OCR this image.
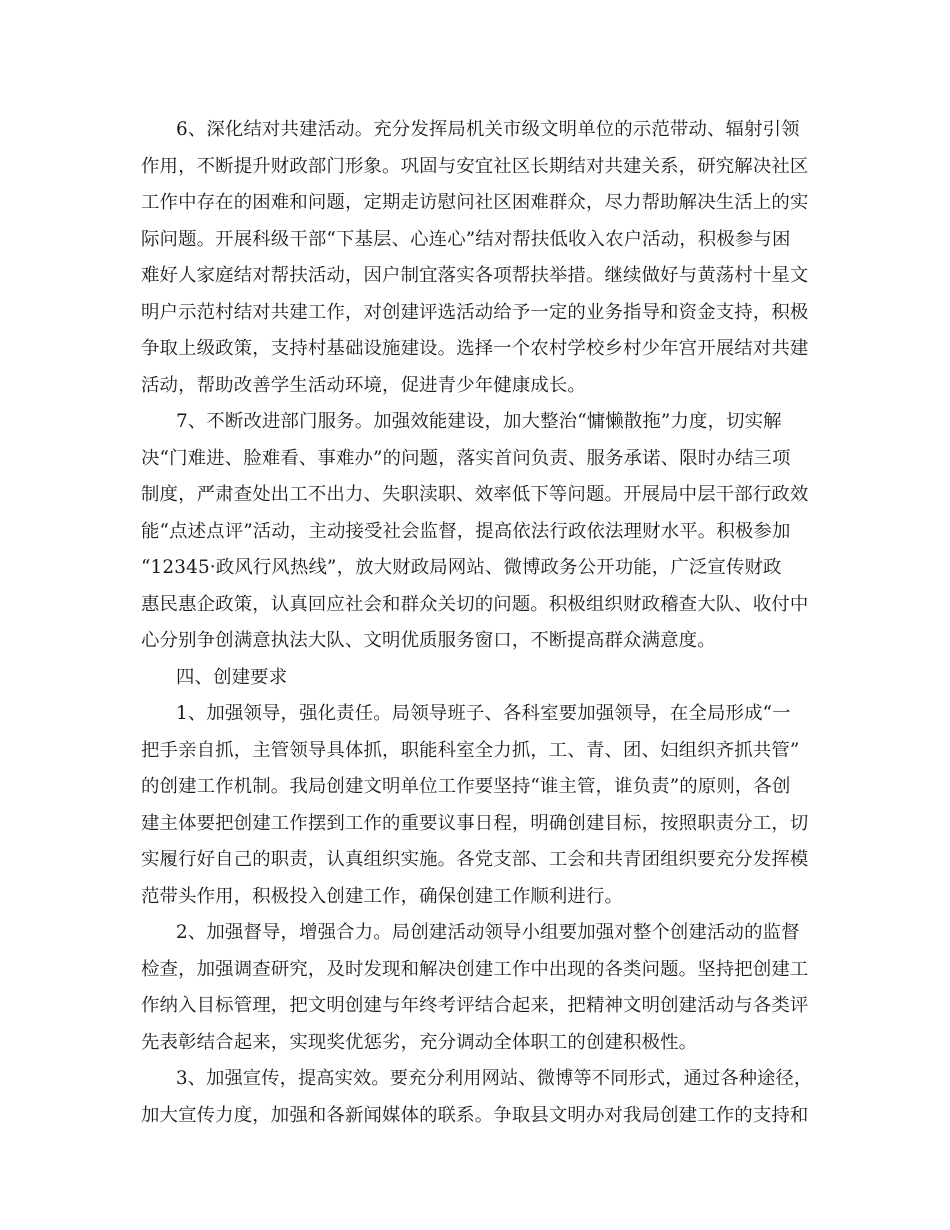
6、深化结对共建活动。充分发挥局机关市级文明单位的示范带动、辐射引领
作用，不断提升财政部门形象。巩固与安宜社区长期结对共建关系，研究解决社区
工作中存在的困难和问题，定期走访慰问社区困难群众，尽力帮助解决生活上的实
际问题。开展科级干部“下基层、心连心”结对帮扶低收入农户活动，积极参与困
难好人家庭结对帮扶活动，因户制宜落实各项帮扶举措。继续做好与黄荡村十星文
明户示范村结对共建工作，对创建评选活动给予一定的业务指导和资金支持，积极
争取上级政策，支持村基础设施建设。选择一个农村学校乡村少年宫开展结对共建
活动，帮助改善学生活动环境，促进青少年健康成长。
7、不断改进部门服务。加强效能建设，加大整治“慵懒散拖”力度，切实解
决“门难进、脸难看、事难办”的问题，落实首问负责、服务承诺、限时办结三项
制度，严肃查处出工不出力、失职渎职、效率低下等问题。开展局中层干部行政效
能“点述点评”活动，主动接受社会监督，提高依法行政依法理财水平。积极参加
“12345·政风行风热线”，放大财政局网站、微博政务公开功能，广泛宣传财政
惠民惠企政策，认真回应社会和群众关切的问题。积极组织财政稽查大队、收付中
心分别争创满意执法大队、文明优质服务窗口，不断提高群众满意度。
四、创建要求
1、加强领导，强化责任。局领导班子、各科室要加强领导，在全局形成“一
把手亲自抓，主管领导具体抓，职能科室全力抓，工、青、团、妇组织齐抓共管”
的创建工作机制。我局创建文明单位工作要坚持“谁主管，谁负责”的原则，各创
建主体要把创建工作摆到工作的重要议事日程，明确创建目标，按照职责分工，切
实履行好自己的职责，认真组织实施。各党支部、工会和共青团组织要充分发挥模
范带头作用，积极投入创建工作，确保创建工作顺利进行。
2、加强督导，增强合力。局创建活动领导小组要加强对整个创建活动的监督
检查，加强调查研究，及时发现和解决创建工作中出现的各类问题。坚持把创建工
作纳入目标管理，把文明创建与年终考评结合起来，把精神文明创建活动与各类评
先表彰结合起来，实现奖优惩劣，充分调动全体职工的创建积极性。
3、加强宣传，提高实效。要充分利用网站、微博等不同形式，通过各种途径，
加大宣传力度，加强和各新闻媒体的联系。争取县文明办对我局创建工作的支持和
